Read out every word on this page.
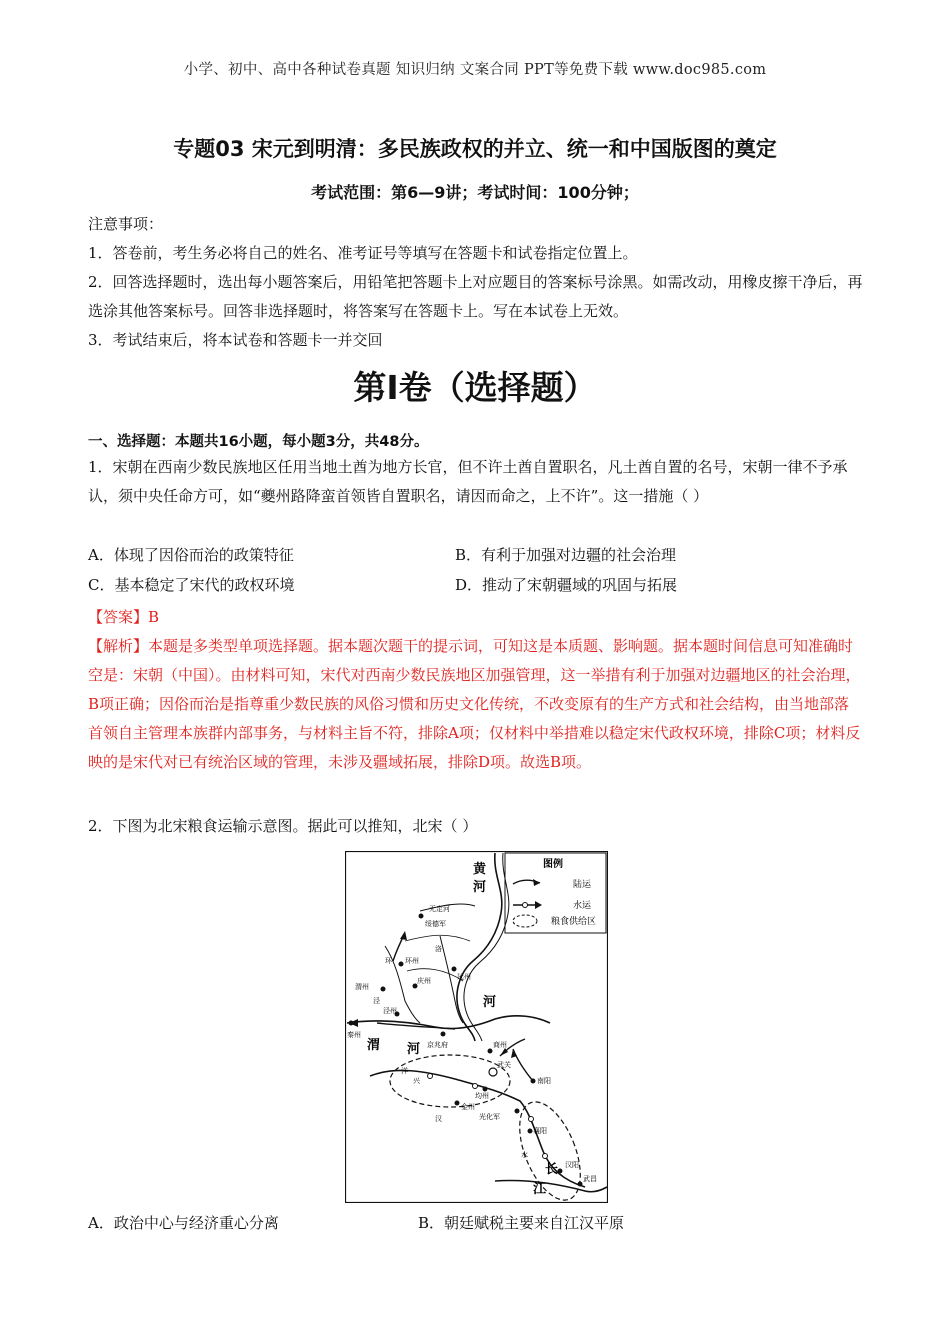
小学、初中、高中各种试卷真题 知识归纳 文案合同 PPT等免费下载 www.doc985.com
专题03 宋元到明清：多民族政权的并立、统一和中国版图的奠定
考试范围：第6—9讲；考试时间：100分钟；
注意事项：
1．答卷前，考生务必将自己的姓名、准考证号等填写在答题卡和试卷指定位置上。
2．回答选择题时，选出每小题答案后，用铅笔把答题卡上对应题目的答案标号涂黑。如需改动，用橡皮擦干净后，再选涂其他答案标号。回答非选择题时，将答案写在答题卡上。写在本试卷上无效。
3．考试结束后，将本试卷和答题卡一并交回
第Ⅰ卷（选择题）
一、选择题：本题共16小题，每小题3分，共48分。
1．宋朝在西南少数民族地区任用当地土酋为地方长官，但不许土酋自置职名，凡土酋自置的名号，宋朝一律不予承认，须中央任命方可，如“夔州路降蛮首领皆自置职名，请因而命之，上不许”。这一措施（ ）
A．体现了因俗而治的政策特征	B．有利于加强对边疆的社会治理
C．基本稳定了宋代的政权环境	D．推动了宋朝疆域的巩固与拓展
【答案】B
【解析】本题是多类型单项选择题。据本题次题干的提示词，可知这是本质题、影响题。据本题时间信息可知准确时空是：宋朝（中国）。由材料可知，宋代对西南少数民族地区加强管理，这一举措有利于加强对边疆地区的社会治理，B项正确；因俗而治是指尊重少数民族的风俗习惯和历史文化传统，不改变原有的生产方式和社会结构，由当地部落首领自主管理本族群内部事务，与材料主旨不符，排除A项；仅材料中举措难以稳定宋代政权环境，排除C项；材料反映的是宋代对已有统治区域的管理，未涉及疆域拓展，排除D项。故选B项。
2．下图为北宋粮食运输示意图。据此可以推知，北宋（ ）
图例
陆运
水运
粮食供给区
黄
河
河
渭 河
江
长
无定河
绥德军
洛
环 环州
庆州	延州
渭州
泾
泾州
秦州
京兆府	商州
武关
南阳
均州
金州
光化军
襄阳
汉
水
汉阳
武昌
洋
兴
A．政治中心与经济重心分离	B．朝廷赋税主要来自江汉平原
